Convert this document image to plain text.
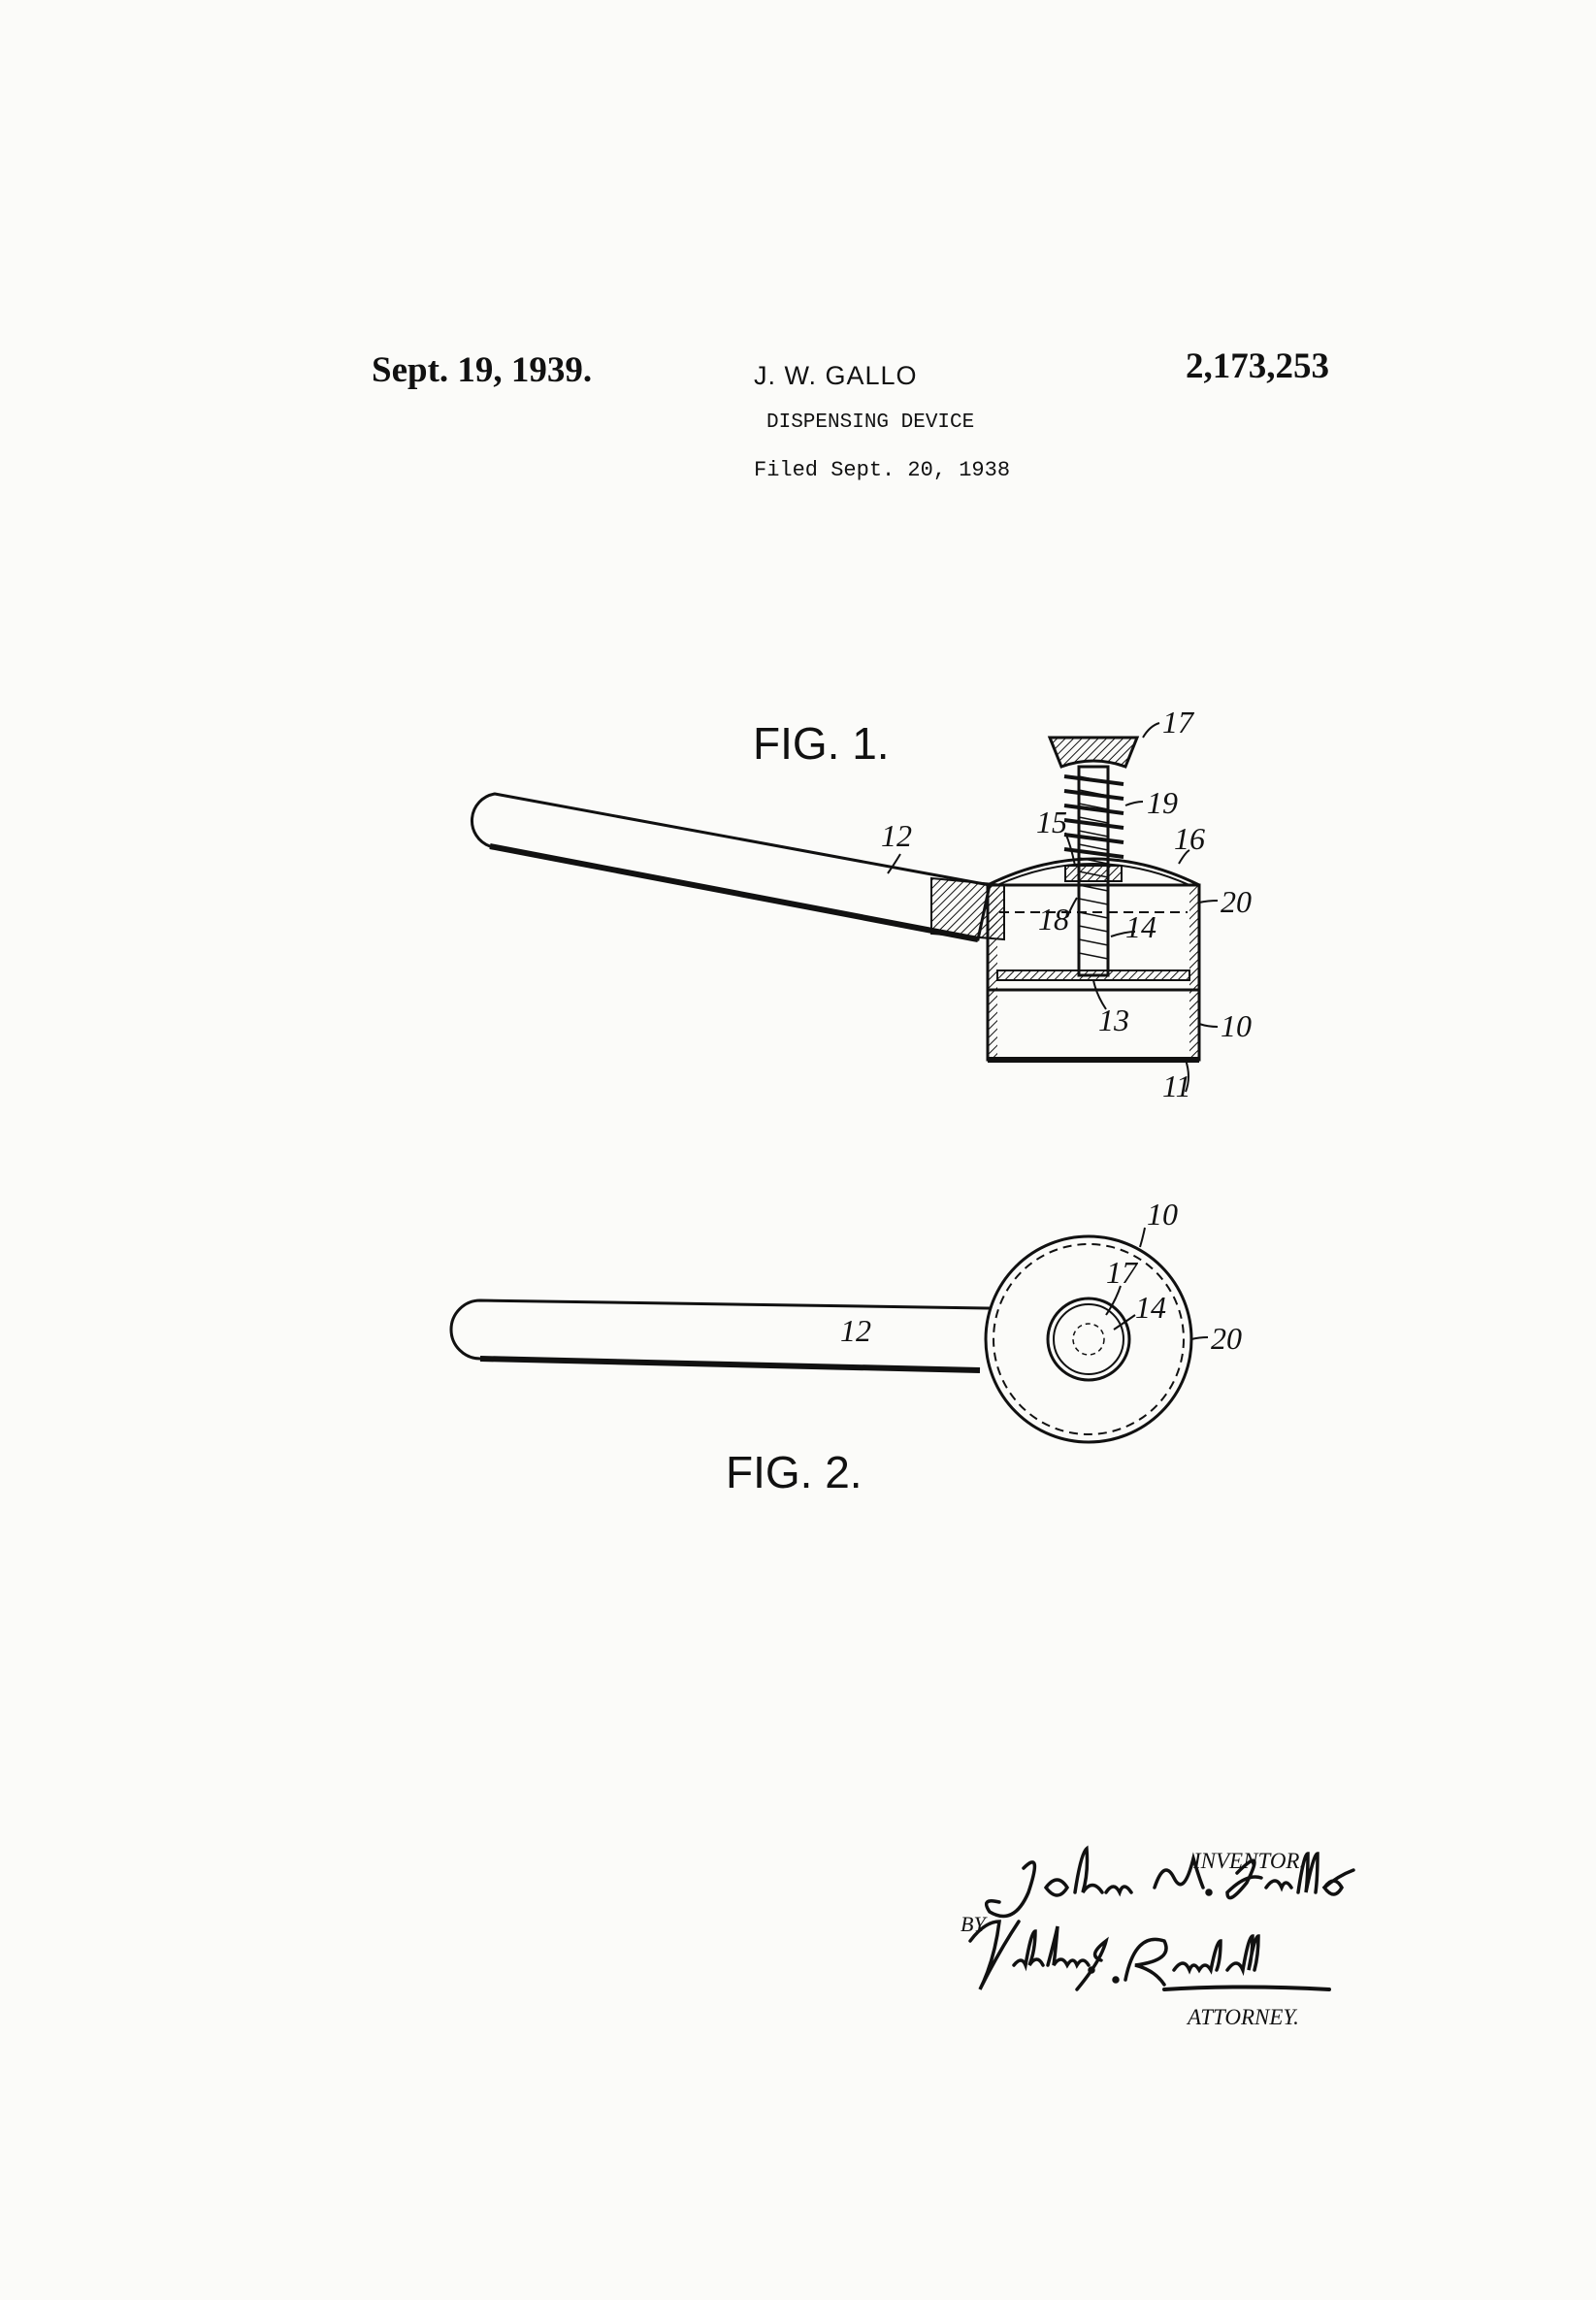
Sept. 19, 1939.	J. W. GALLO	2,173,253
DISPENSING DEVICE
Filed Sept. 20, 1938
FIG. 1.
FIG. 2.
17
19
15	16
20
18 14
13	10
11
12
10
17
14
20
12
INVENTOR.
BY
ATTORNEY.
